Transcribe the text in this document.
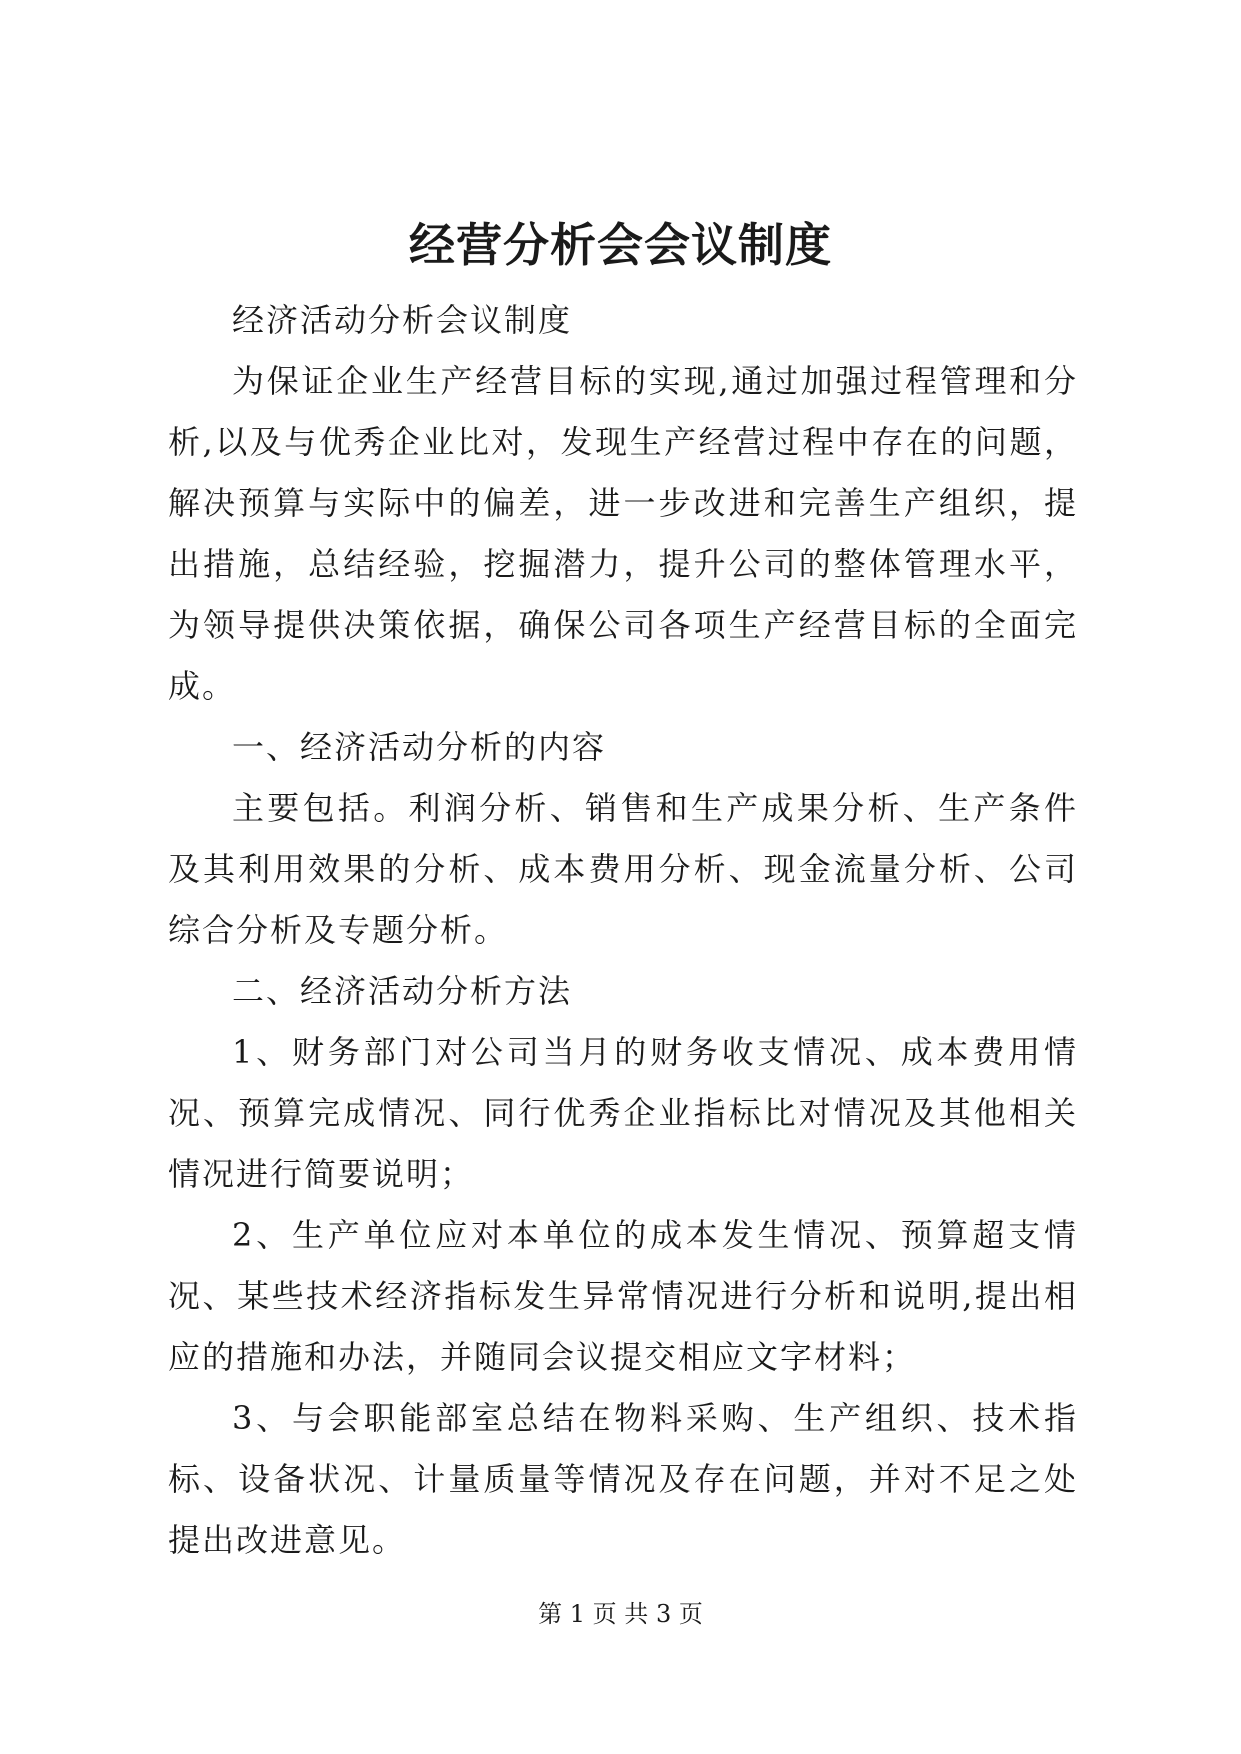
经营分析会会议制度

经济活动分析会议制度

为保证企业生产经营目标的实现,通过加强过程管理和分析,以及与优秀企业比对，发现生产经营过程中存在的问题，解决预算与实际中的偏差，进一步改进和完善生产组织，提出措施，总结经验，挖掘潜力，提升公司的整体管理水平，为领导提供决策依据，确保公司各项生产经营目标的全面完成。

一、经济活动分析的内容

主要包括。利润分析、销售和生产成果分析、生产条件及其利用效果的分析、成本费用分析、现金流量分析、公司综合分析及专题分析。

二、经济活动分析方法

1、财务部门对公司当月的财务收支情况、成本费用情况、预算完成情况、同行优秀企业指标比对情况及其他相关情况进行简要说明；

2、生产单位应对本单位的成本发生情况、预算超支情况、某些技术经济指标发生异常情况进行分析和说明,提出相应的措施和办法，并随同会议提交相应文字材料；

3、与会职能部室总结在物料采购、生产组织、技术指标、设备状况、计量质量等情况及存在问题，并对不足之处提出改进意见。

第 1 页 共 3 页
